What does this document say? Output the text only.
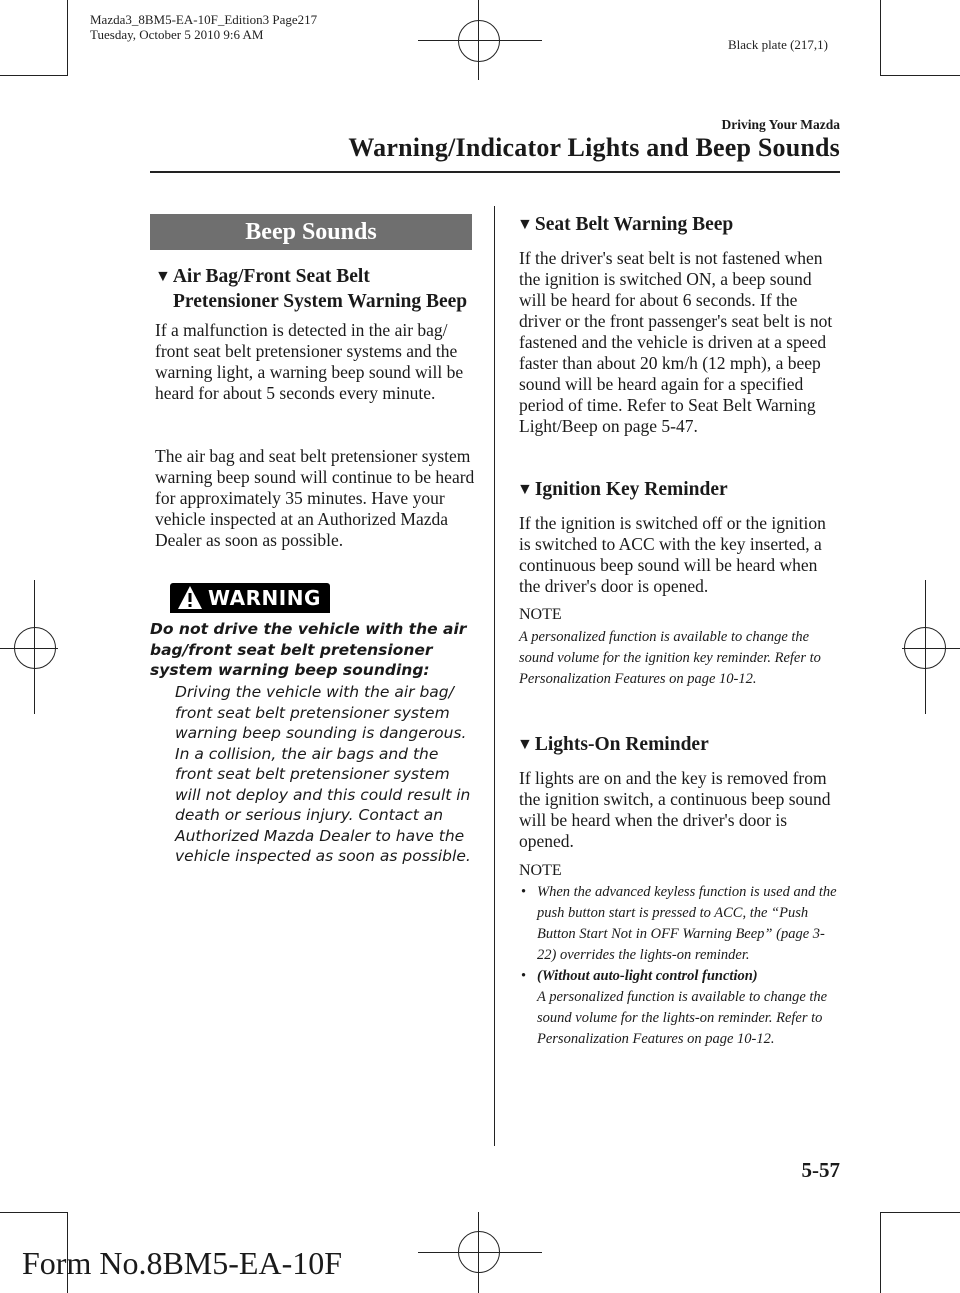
Mazda3_8BM5-EA-10F_Edition3 Page217
Tuesday, October 5 2010 9:6 AM
Black plate (217,1)
Driving Your Mazda
Warning/Indicator Lights and Beep Sounds
Beep Sounds
▼ Air Bag/Front Seat Belt
Pretensioner System Warning Beep
If a malfunction is detected in the air bag/ front seat belt pretensioner systems and the warning light, a warning beep sound will be heard for about 5 seconds every minute.
The air bag and seat belt pretensioner system warning beep sound will continue to be heard for approximately 35 minutes. Have your vehicle inspected at an Authorized Mazda Dealer as soon as possible.
WARNING
Do not drive the vehicle with the air bag/front seat belt pretensioner system warning beep sounding:
Driving the vehicle with the air bag/ front seat belt pretensioner system warning beep sounding is dangerous. In a collision, the air bags and the front seat belt pretensioner system will not deploy and this could result in death or serious injury. Contact an Authorized Mazda Dealer to have the vehicle inspected as soon as possible.
▼ Seat Belt Warning Beep
If the driver's seat belt is not fastened when the ignition is switched ON, a beep sound will be heard for about 6 seconds. If the driver or the front passenger's seat belt is not fastened and the vehicle is driven at a speed faster than about 20 km/h (12 mph), a beep sound will be heard again for a specified period of time. Refer to Seat Belt Warning Light/Beep on page 5-47.
▼ Ignition Key Reminder
If the ignition is switched off or the ignition is switched to ACC with the key inserted, a continuous beep sound will be heard when the driver's door is opened.
NOTE
A personalized function is available to change the sound volume for the ignition key reminder. Refer to Personalization Features on page 10-12.
▼ Lights-On Reminder
If lights are on and the key is removed from the ignition switch, a continuous beep sound will be heard when the driver's door is opened.
NOTE
• When the advanced keyless function is used and the push button start is pressed to ACC, the “Push Button Start Not in OFF Warning Beep” (page 3-22) overrides the lights-on reminder.
• (Without auto-light control function)
A personalized function is available to change the sound volume for the lights-on reminder. Refer to Personalization Features on page 10-12.
5-57
Form No.8BM5-EA-10F
